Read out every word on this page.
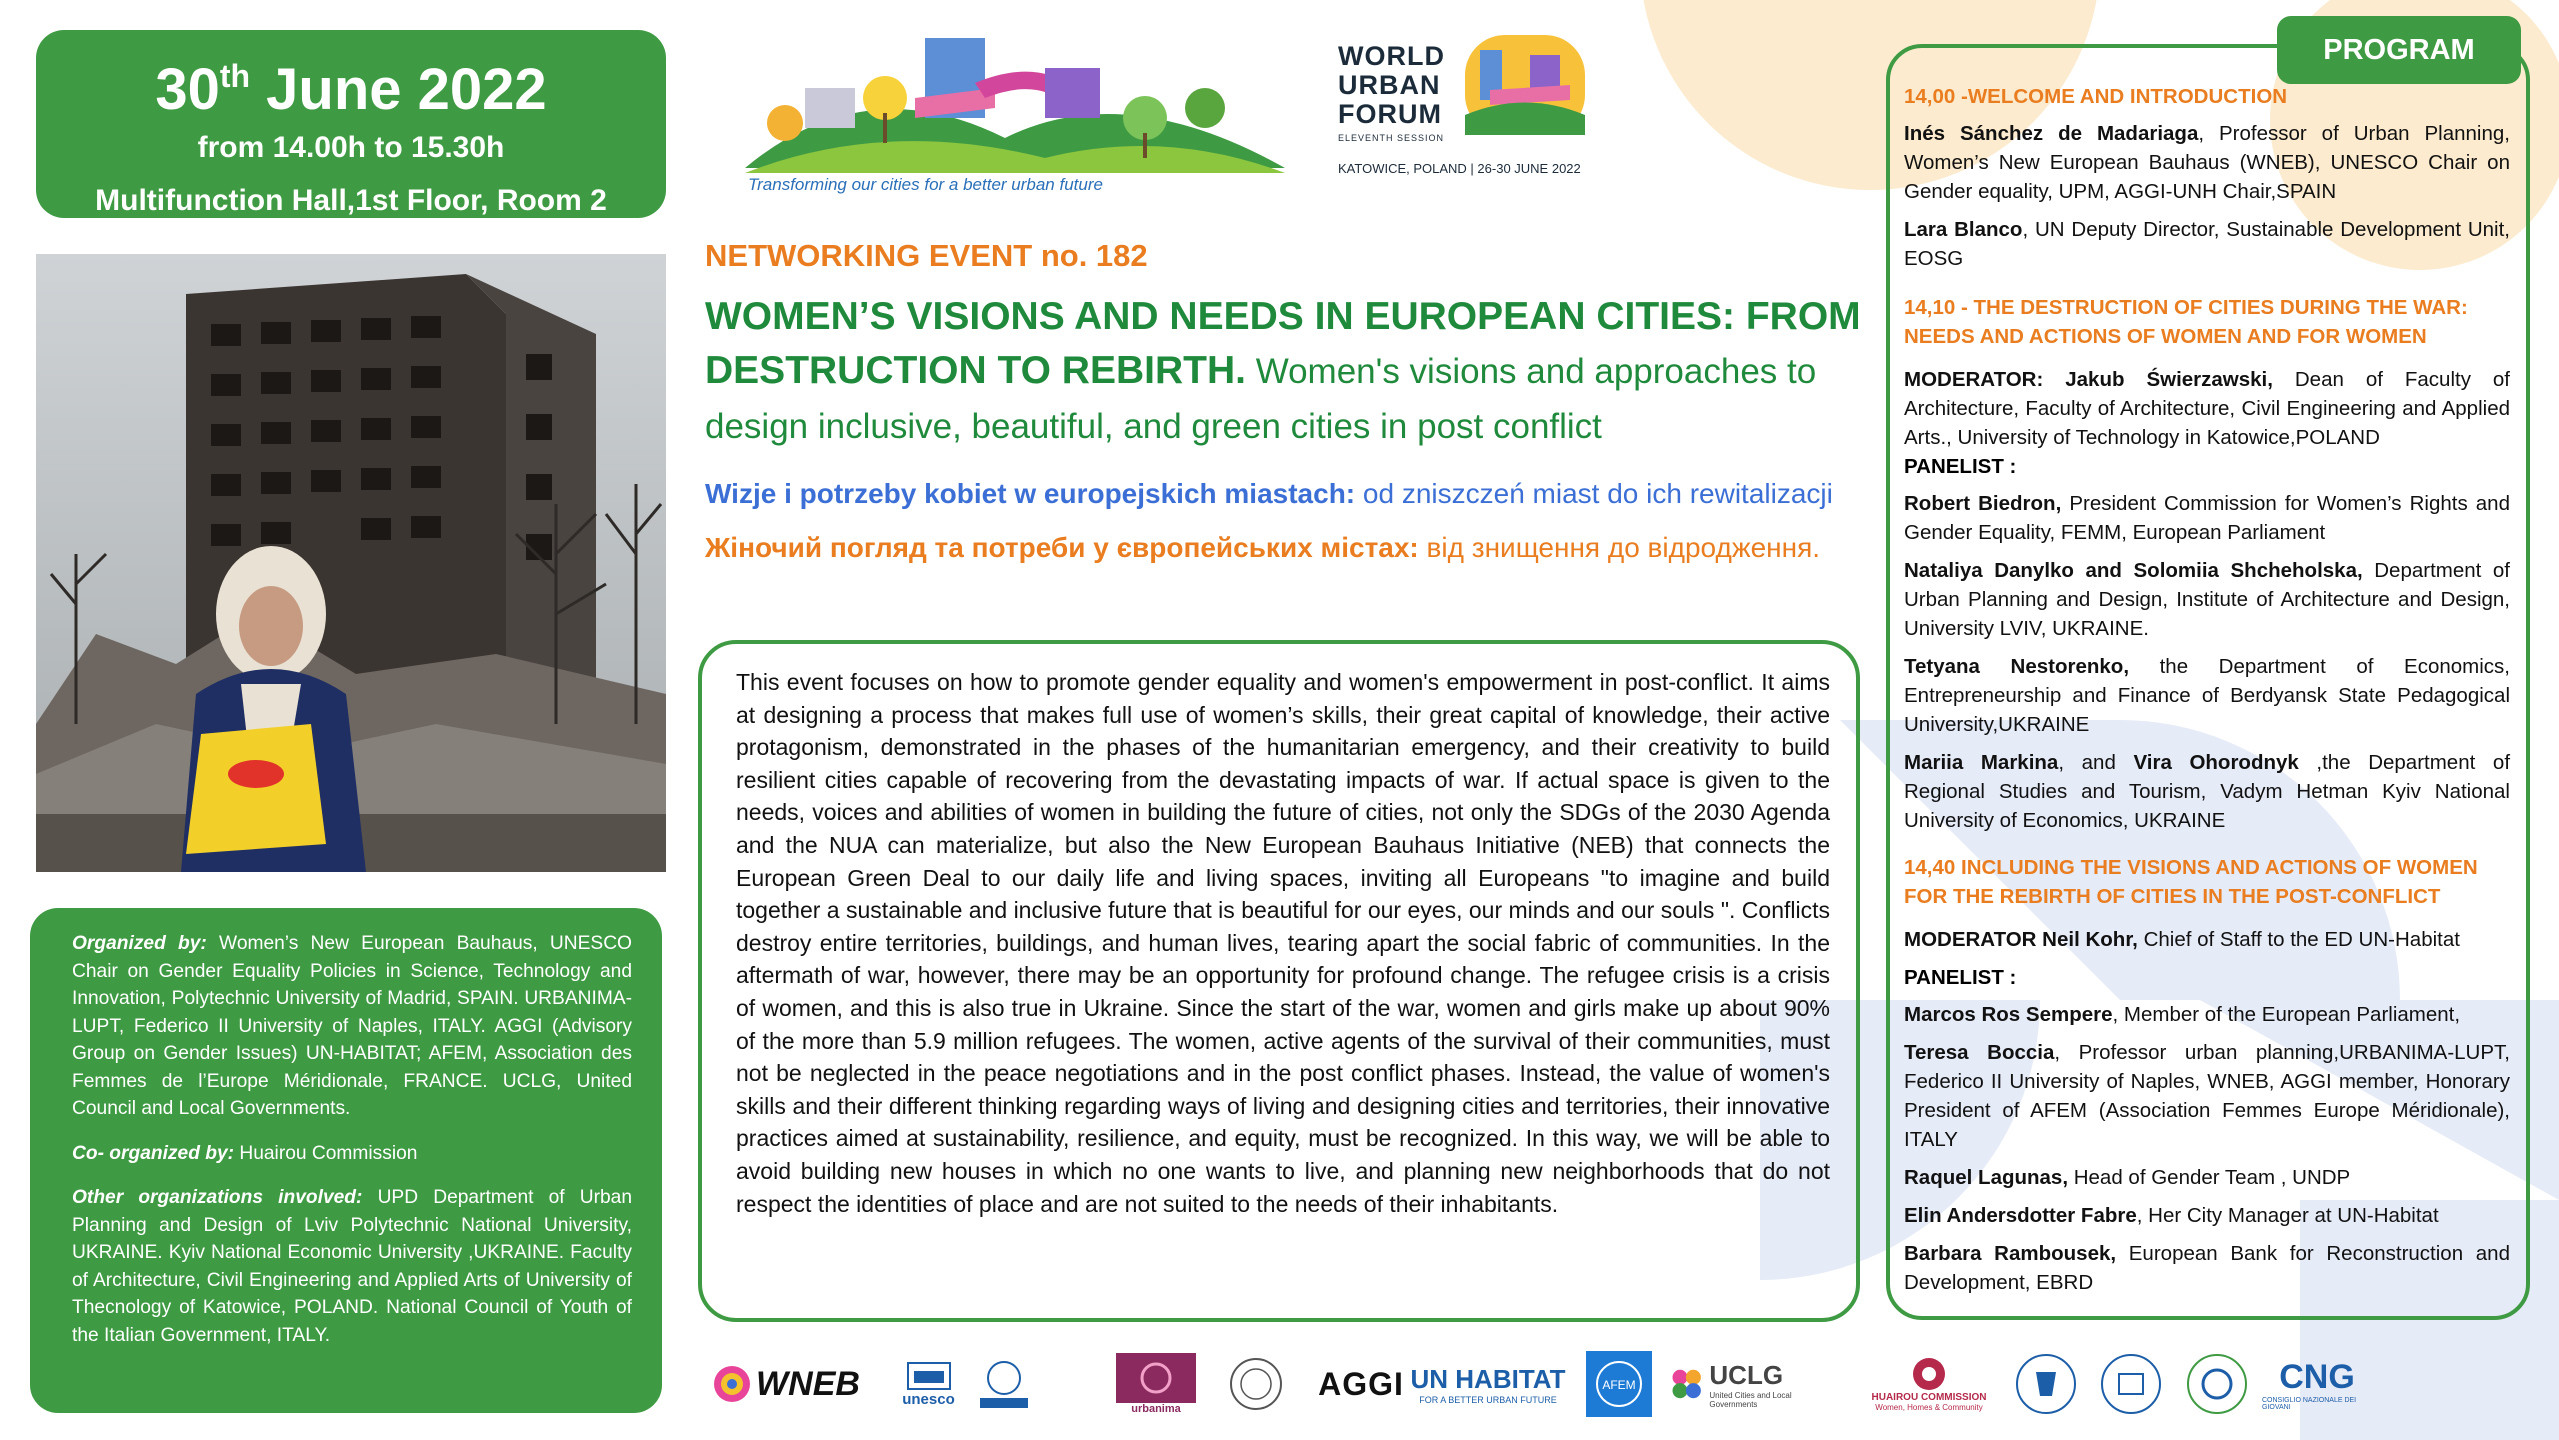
30th June 2022
from 14.00h to 15.30h
Multifunction Hall,1st Floor, Room 2

Organized by: Women’s New European Bauhaus, UNESCO Chair on Gender Equality Policies in Science, Technology and Innovation, Polytechnic University of Madrid, SPAIN. URBANIMA-LUPT, Federico II University of Naples, ITALY. AGGI (Advisory Group on Gender Issues) UN-HABITAT; AFEM, Association des Femmes de l’Europe Méridionale, FRANCE. UCLG, United Council and Local Governments.

Co- organized by: Huairou Commission

Other organizations involved: UPD Department of Urban Planning and Design of Lviv Polytechnic National University, UKRAINE. Kyiv National Economic University ,UKRAINE. Faculty of Architecture, Civil Engineering and Applied Arts of University of Thecnology of Katowice, POLAND. National Council of Youth of the Italian Government, ITALY.

Transforming our cities for a better urban future
WORLD
URBAN
FORUM
ELEVENTH SESSION
KATOWICE, POLAND | 26-30 JUNE 2022
NETWORKING EVENT no. 182
WOMEN’S VISIONS AND NEEDS IN EUROPEAN CITIES: FROM DESTRUCTION TO REBIRTH. Women's visions and approaches to design inclusive, beautiful, and green cities in post conflict
Wizje i potrzeby kobiet w europejskich miastach: od zniszczeń miast do ich rewitalizacji
Жіночий погляд та потреби у європейських містах: від знищення до відродження.

This event focuses on how to promote gender equality and women's empowerment in post-conflict. It aims at designing a process that makes full use of women’s skills, their great capital of knowledge, their active protagonism, demonstrated in the phases of the humanitarian emergency, and their creativity to build resilient cities capable of recovering from the devastating impacts of war. If actual space is given to the needs, voices and abilities of women in building the future of cities, not only the SDGs of the 2030 Agenda and the NUA can materialize, but also the New European Bauhaus Initiative (NEB) that connects the European Green Deal to our daily life and living spaces, inviting all Europeans "to imagine and build together a sustainable and inclusive future that is beautiful for our eyes, our minds and our souls ". Conflicts destroy entire territories, buildings, and human lives, tearing apart the social fabric of communities. In the aftermath of war, however, there may be an opportunity for profound change. The refugee crisis is a crisis of women, and this is also true in Ukraine. Since the start of the war, women and girls make up about 90% of the more than 5.9 million refugees. The women, active agents of the survival of their communities, must not be neglected in the peace negotiations and in the post conflict phases. Instead, the value of women's skills and their different thinking regarding ways of living and designing cities and territories, their innovative practices aimed at sustainability, resilience, and equity, must be recognized. In this way, we will be able to avoid building new houses in which no one wants to live, and planning new neighborhoods that do not respect the identities of place and are not suited to the needs of their inhabitants.

PROGRAM
14,00 -WELCOME AND INTRODUCTION
Inés Sánchez de Madariaga, Professor of Urban Planning, Women’s New European Bauhaus (WNEB), UNESCO Chair on Gender equality, UPM, AGGI-UNH Chair,SPAIN
Lara Blanco, UN Deputy Director, Sustainable Development Unit, EOSG
14,10 - THE DESTRUCTION OF CITIES DURING THE WAR: NEEDS AND ACTIONS OF WOMEN AND FOR WOMEN
MODERATOR: Jakub Świerzawski, Dean of Faculty of Architecture, Faculty of Architecture, Civil Engineering and Applied Arts., University of Technology in Katowice,POLAND
PANELIST :
Robert Biedron, President Commission for Women’s Rights and Gender Equality, FEMM, European Parliament
Nataliya Danylko and Solomiia Shcheholska, Department of Urban Planning and Design, Institute of Architecture and Design, University LVIV, UKRAINE.
Tetyana Nestorenko, the Department of Economics, Entrepreneurship and Finance of Berdyansk State Pedagogical University,UKRAINE
Mariia Markina, and Vira Ohorodnyk ,the Department of Regional Studies and Tourism, Vadym Hetman Kyiv National University of Economics, UKRAINE
14,40 INCLUDING THE VISIONS AND ACTIONS OF WOMEN FOR THE REBIRTH OF CITIES IN THE POST-CONFLICT
MODERATOR Neil Kohr, Chief of Staff to the ED UN-Habitat
PANELIST :
Marcos Ros Sempere, Member of the European Parliament,
Teresa Boccia, Professor urban planning,URBANIMA-LUPT, Federico II University of Naples, WNEB, AGGI member, Honorary President of AFEM (Association Femmes Europe Méridionale), ITALY
Raquel Lagunas, Head of Gender Team , UNDP
Elin Andersdotter Fabre, Her City Manager at UN-Habitat
Barbara Rambousek, European Bank for Reconstruction and Development, EBRD
WNEB	unesco
urbanima
AGGI UN HABITAT
FOR A BETTER URBAN FUTURE
AFEM	UCLG
United Cities and Local Governments
HUAIROU COMMISSION
Women, Homes & Community
CNG
CONSIGLIO NAZIONALE DEI GIOVANI
